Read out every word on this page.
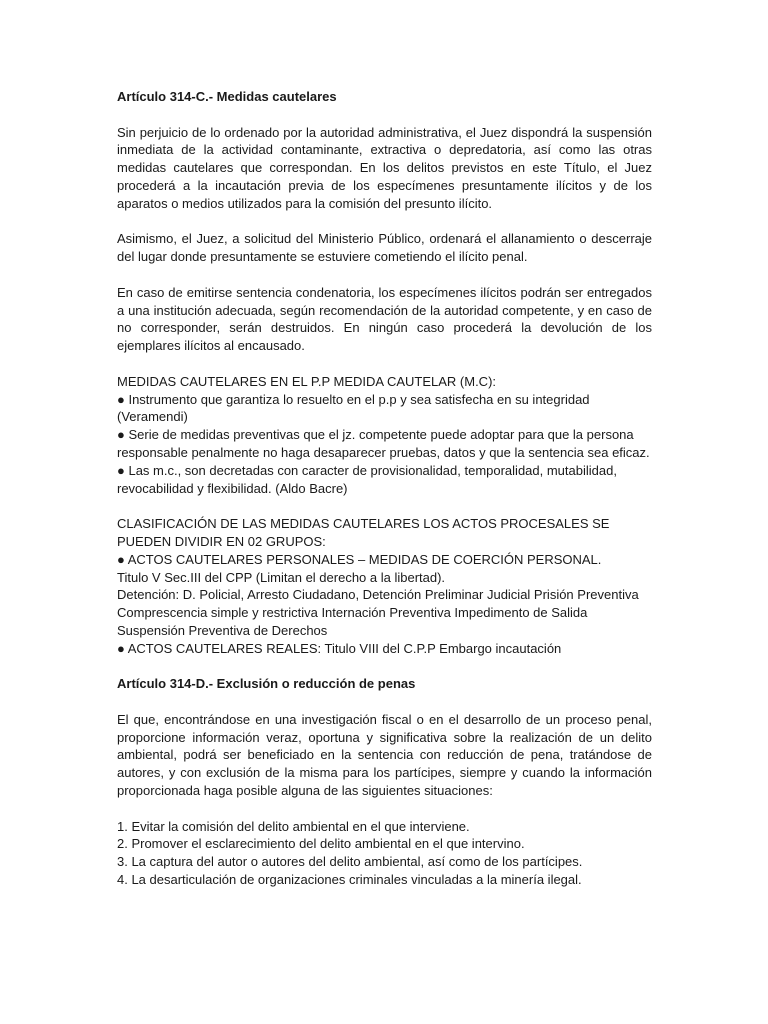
Artículo 314-C.- Medidas cautelares

Sin perjuicio de lo ordenado por la autoridad administrativa, el Juez dispondrá la suspensión inmediata de la actividad contaminante, extractiva o depredatoria, así como las otras medidas cautelares que correspondan. En los delitos previstos en este Título, el Juez procederá a la incautación previa de los especímenes presuntamente ilícitos y de los aparatos o medios utilizados para la comisión del presunto ilícito.

Asimismo, el Juez, a solicitud del Ministerio Público, ordenará el allanamiento o descerraje del lugar donde presuntamente se estuviere cometiendo el ilícito penal.

En caso de emitirse sentencia condenatoria, los especímenes ilícitos podrán ser entregados a una institución adecuada, según recomendación de la autoridad competente, y en caso de no corresponder, serán destruidos. En ningún caso procederá la devolución de los ejemplares ilícitos al encausado.

MEDIDAS CAUTELARES EN EL P.P MEDIDA CAUTELAR (M.C):
● Instrumento que garantiza lo resuelto en el p.p y sea satisfecha en su integridad (Veramendi)
● Serie de medidas preventivas que el jz. competente puede adoptar para que la persona responsable penalmente no haga desaparecer pruebas, datos y que la sentencia sea eficaz.
● Las m.c., son decretadas con caracter de provisionalidad, temporalidad, mutabilidad, revocabilidad y flexibilidad. (Aldo Bacre)
CLASIFICACIÓN DE LAS MEDIDAS CAUTELARES LOS ACTOS PROCESALES SE PUEDEN DIVIDIR EN 02 GRUPOS:
● ACTOS CAUTELARES PERSONALES – MEDIDAS DE COERCIÓN PERSONAL.
Titulo V Sec.III del CPP (Limitan el derecho a la libertad).
Detención: D. Policial, Arresto Ciudadano, Detención Preliminar Judicial Prisión Preventiva Comprescencia simple y restrictiva Internación Preventiva Impedimento de Salida Suspensión Preventiva de Derechos
● ACTOS CAUTELARES REALES: Titulo VIII del C.P.P Embargo incautación

Artículo 314-D.- Exclusión o reducción de penas

El que, encontrándose en una investigación fiscal o en el desarrollo de un proceso penal, proporcione información veraz, oportuna y significativa sobre la realización de un delito ambiental, podrá ser beneficiado en la sentencia con reducción de pena, tratándose de autores, y con exclusión de la misma para los partícipes, siempre y cuando la información proporcionada haga posible alguna de las siguientes situaciones:

1. Evitar la comisión del delito ambiental en el que interviene.
2. Promover el esclarecimiento del delito ambiental en el que intervino.
3. La captura del autor o autores del delito ambiental, así como de los partícipes.
4. La desarticulación de organizaciones criminales vinculadas a la minería ilegal.
